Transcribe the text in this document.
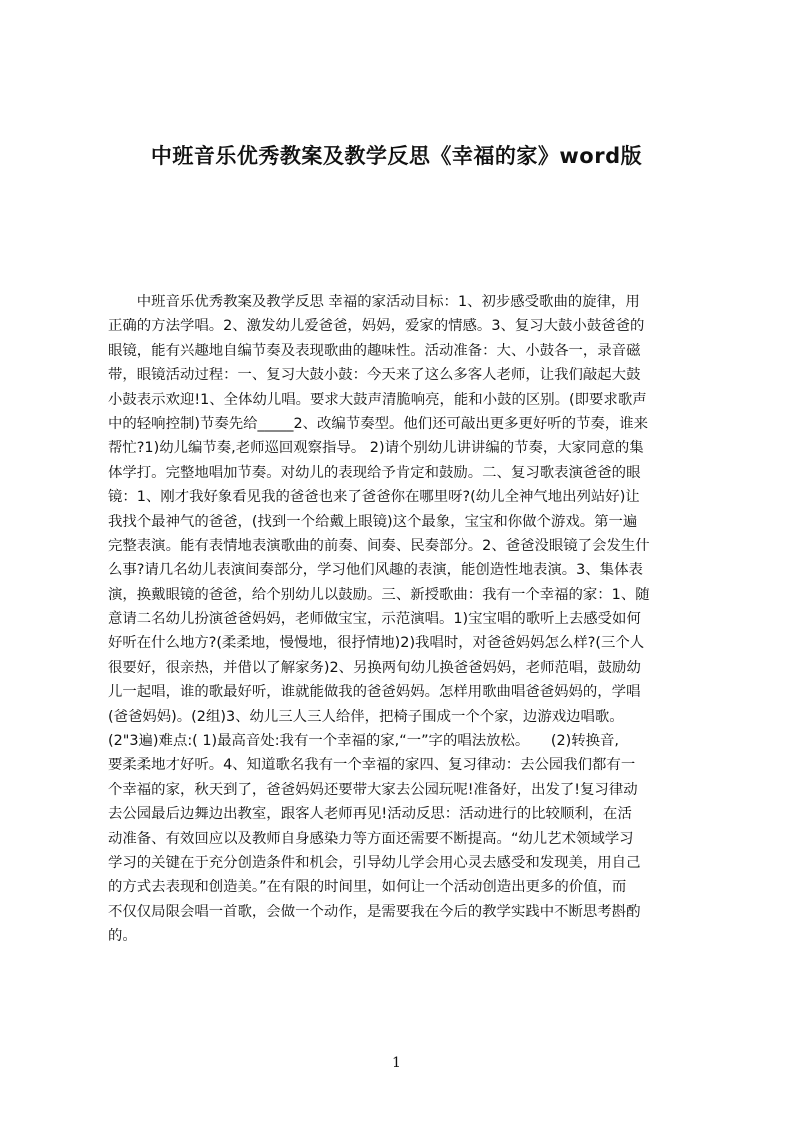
中班音乐优秀教案及教学反思《幸福的家》word版
　　中班音乐优秀教案及教学反思 幸福的家活动目标：1、初步感受歌曲的旋律，用
正确的方法学唱。2、激发幼儿爱爸爸，妈妈，爱家的情感。3、复习大鼓小鼓爸爸的
眼镜，能有兴趣地自编节奏及表现歌曲的趣味性。活动准备：大、小鼓各一，录音磁
带，眼镜活动过程：一、复习大鼓小鼓：今天来了这么多客人老师，让我们敲起大鼓
小鼓表示欢迎!1、全体幼儿唱。要求大鼓声清脆响亮，能和小鼓的区别。(即要求歌声
中的轻响控制)节奏先给_____2、改编节奏型。他们还可敲出更多更好听的节奏，谁来
帮忙?1)幼儿编节奏,老师巡回观察指导。 2)请个别幼儿讲讲编的节奏，大家同意的集
体学打。完整地唱加节奏。对幼儿的表现给予肯定和鼓励。二、复习歌表演爸爸的眼
镜：1、刚才我好象看见我的爸爸也来了爸爸你在哪里呀?(幼儿全神气地出列站好)让
我找个最神气的爸爸，(找到一个给戴上眼镜)这个最象，宝宝和你做个游戏。第一遍
完整表演。能有表情地表演歌曲的前奏、间奏、民奏部分。2、爸爸没眼镜了会发生什
么事?请几名幼儿表演间奏部分，学习他们风趣的表演，能创造性地表演。3、集体表
演，换戴眼镜的爸爸，给个别幼儿以鼓励。三、新授歌曲：我有一个幸福的家：1、随
意请二名幼儿扮演爸爸妈妈，老师做宝宝，示范演唱。1)宝宝唱的歌听上去感受如何
好听在什么地方?(柔柔地，慢慢地，很抒情地)2)我唱时，对爸爸妈妈怎么样?(三个人
很要好，很亲热，并借以了解家务)2、另换两旬幼儿换爸爸妈妈，老师范唱，鼓励幼
儿一起唱，谁的歌最好听，谁就能做我的爸爸妈妈。怎样用歌曲唱爸爸妈妈的，学唱
(爸爸妈妈)。(2组)3、幼儿三人三人给伴，把椅子围成一个个家，边游戏边唱歌。
(2"3遍)难点:( 1)最高音处:我有一个幸福的家,“一”字的唱法放松。　　(2)转换音,
要柔柔地才好听。4、知道歌名我有一个幸福的家四、复习律动：去公园我们都有一
个幸福的家，秋天到了，爸爸妈妈还要带大家去公园玩呢!准备好，出发了!复习律动
去公园最后边舞边出教室，跟客人老师再见!活动反思：活动进行的比较顺利，在活
动准备、有效回应以及教师自身感染力等方面还需要不断提高。“幼儿艺术领域学习
学习的关键在于充分创造条件和机会，引导幼儿学会用心灵去感受和发现美，用自己
的方式去表现和创造美。”在有限的时间里，如何让一个活动创造出更多的价值，而
不仅仅局限会唱一首歌，会做一个动作，是需要我在今后的教学实践中不断思考斟酌
的。
1
